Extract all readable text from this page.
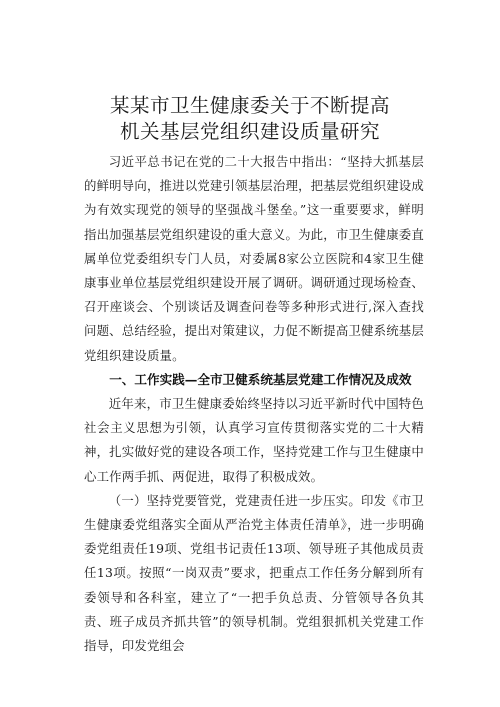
某某市卫生健康委关于不断提高
机关基层党组织建设质量研究

习近平总书记在党的二十大报告中指出：“坚持大抓基层的鲜明导向，推进以党建引领基层治理，把基层党组织建设成为有效实现党的领导的坚强战斗堡垒。”这一重要要求，鲜明指出加强基层党组织建设的重大意义。为此，市卫生健康委直属单位党委组织专门人员，对委属8家公立医院和4家卫生健康事业单位基层党组织建设开展了调研。调研通过现场检查、召开座谈会、个别谈话及调查问卷等多种形式进行,深入查找问题、总结经验，提出对策建议，力促不断提高卫健系统基层党组织建设质量。

一、工作实践—全市卫健系统基层党建工作情况及成效

近年来，市卫生健康委始终坚持以习近平新时代中国特色社会主义思想为引领，认真学习宣传贯彻落实党的二十大精神，扎实做好党的建设各项工作，坚持党建工作与卫生健康中心工作两手抓、两促进，取得了积极成效。

（一）坚持党要管党，党建责任进一步压实。印发《市卫生健康委党组落实全面从严治党主体责任清单》，进一步明确委党组责任19项、党组书记责任13项、领导班子其他成员责任13项。按照“一岗双责”要求，把重点工作任务分解到所有委领导和各科室，建立了“一把手负总责、分管领导各负其责、班子成员齐抓共管”的领导机制。党组狠抓机关党建工作指导，印发党组会
